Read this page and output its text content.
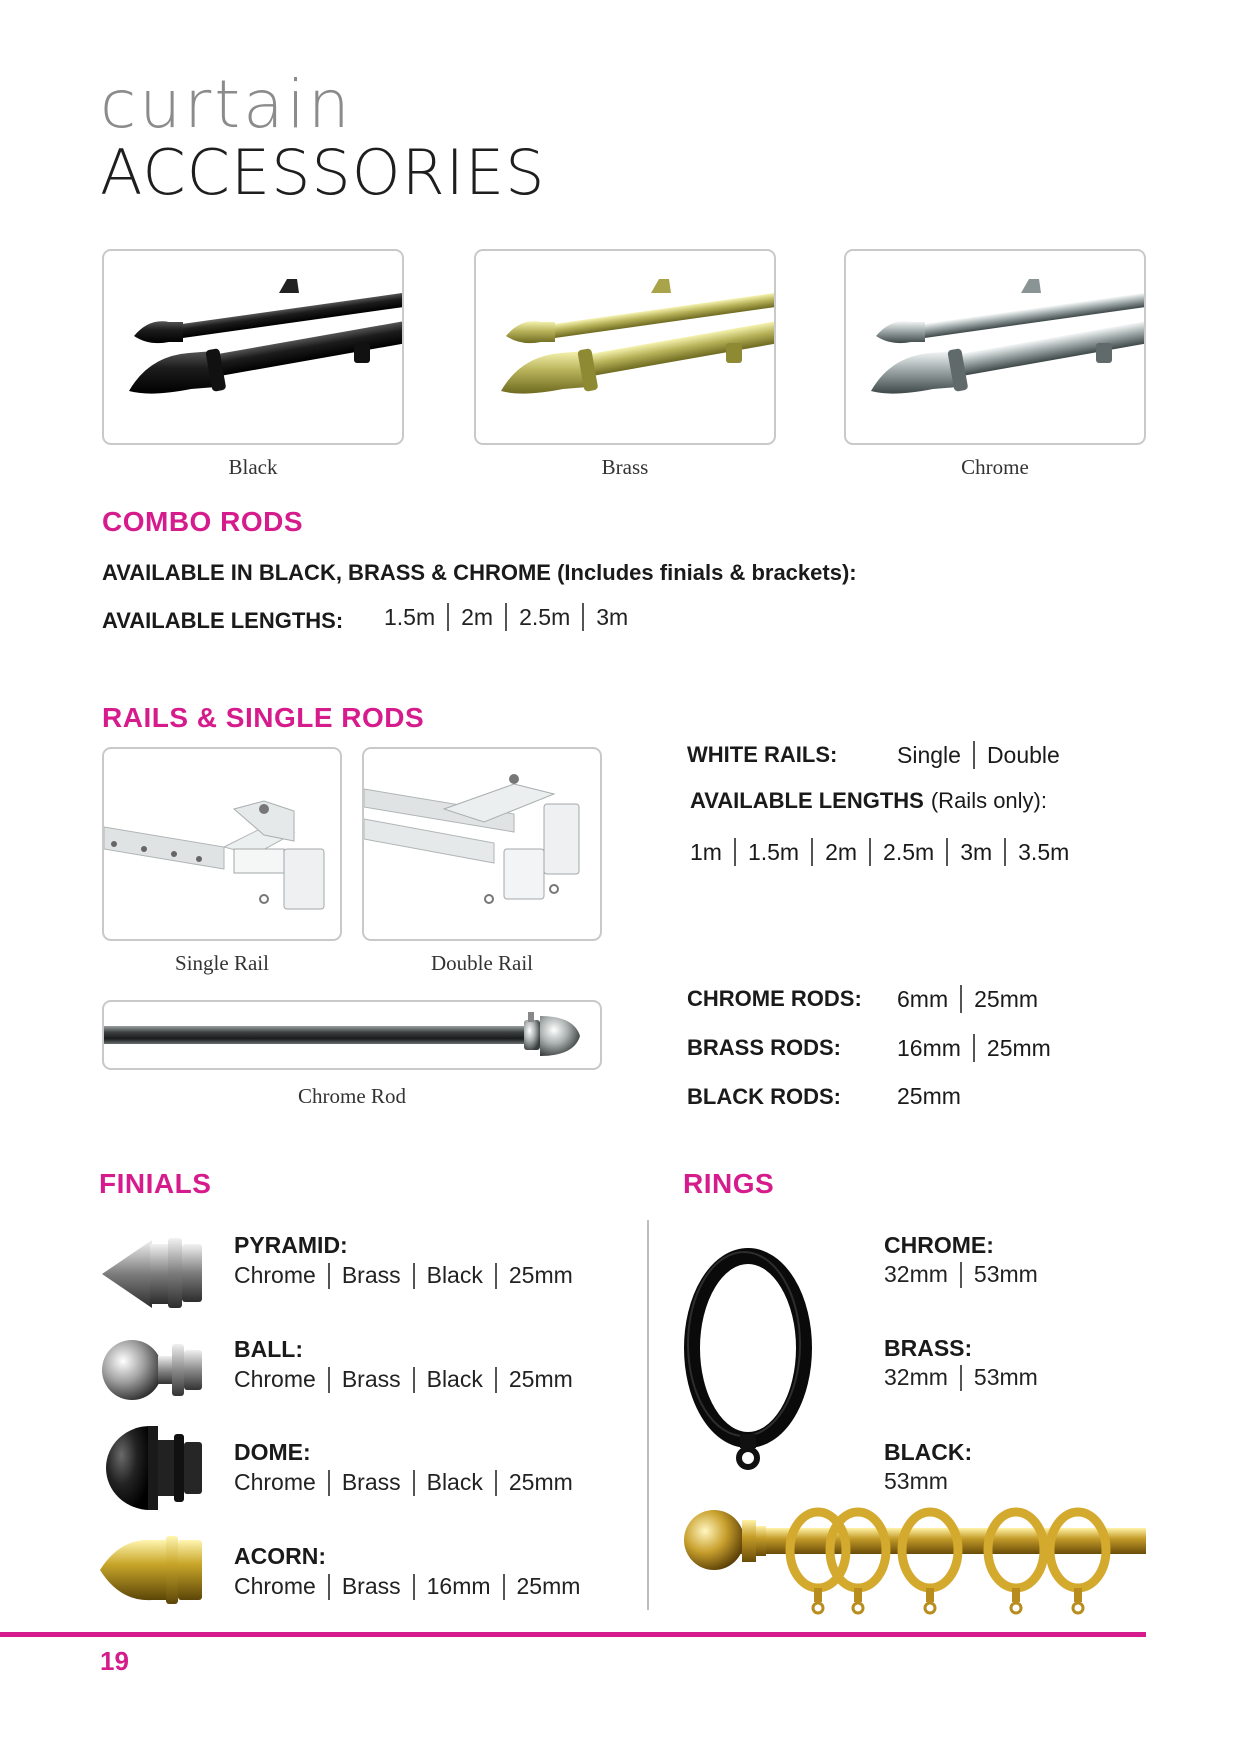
curtain
ACCESSORIES
Black	Brass	Chrome
COMBO RODS
AVAILABLE IN BLACK, BRASS & CHROME (Includes finials & brackets):
AVAILABLE LENGTHS: 1.5m 2m 2.5m 3m
RAILS & SINGLE RODS
Single Rail	Double Rail
Chrome Rod
WHITE RAILS:	Single Double
AVAILABLE LENGTHS (Rails only):
1m 1.5m 2m 2.5m 3m 3.5m
CHROME RODS:	6mm 25mm
BRASS RODS:	16mm 25mm
BLACK RODS:	25mm
FINIALS	RINGS
PYRAMID:
Chrome Brass Black 25mm
BALL:
Chrome Brass Black 25mm
DOME:
Chrome Brass Black 25mm
ACORN:
Chrome Brass 16mm 25mm
CHROME:
32mm 53mm
BRASS:
32mm 53mm
BLACK:
53mm
19
